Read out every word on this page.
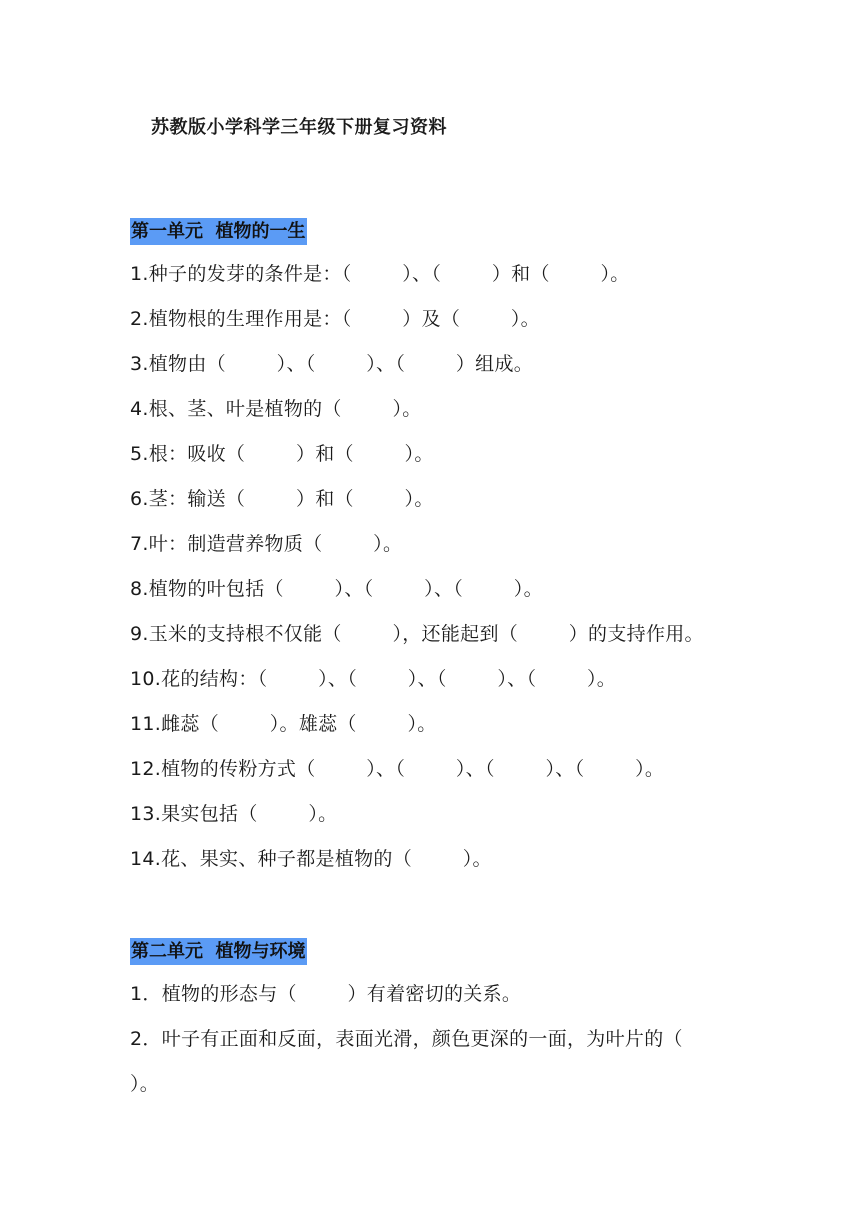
苏教版小学科学三年级下册复习资料
第一单元  植物的一生
1.种子的发芽的条件是：（        ）、（        ）和（        ）。
2.植物根的生理作用是：（        ）及（        ）。
3.植物由（        ）、（        ）、（        ）组成。
4.根、茎、叶是植物的（        ）。
5.根：吸收（        ）和（        ）。
6.茎：输送（        ）和（        ）。
7.叶：制造营养物质（        ）。
8.植物的叶包括（        ）、（        ）、（        ）。
9.玉米的支持根不仅能（        ），还能起到（        ）的支持作用。
10.花的结构：（        ）、（        ）、（        ）、（        ）。
11.雌蕊（        ）。雄蕊（        ）。
12.植物的传粉方式（        ）、（        ）、（        ）、（        ）。
13.果实包括（        ）。
14.花、果实、种子都是植物的（        ）。
第二单元  植物与环境
1．植物的形态与（        ）有着密切的关系。
2．叶子有正面和反面，表面光滑，颜色更深的一面，为叶片的（        ）。
